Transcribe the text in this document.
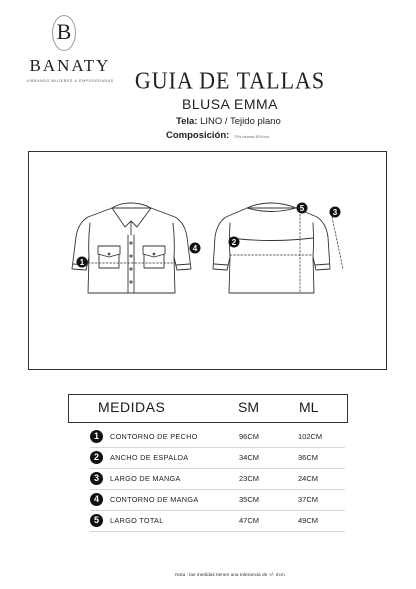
B
BANATY
VIBRANDO MUJERES & EMPODERADAS GUIA DE TALLAS
BLUSA EMMA
Tela: LINO / Tejido plano
Composición: 70% viscosa 30% lino
1
2
3
4
5
MEDIDAS	SM	ML
1	CONTORNO DE PECHO	96CM	102CM
2	ANCHO DE ESPALDA	34CM	36CM
3	LARGO DE MANGA	23CM	24CM
4	CONTORNO DE MANGA	35CM	37CM
5	LARGO TOTAL	47CM	49CM
Nota : las medidas tienen una tolerancia de +/- 2cm
